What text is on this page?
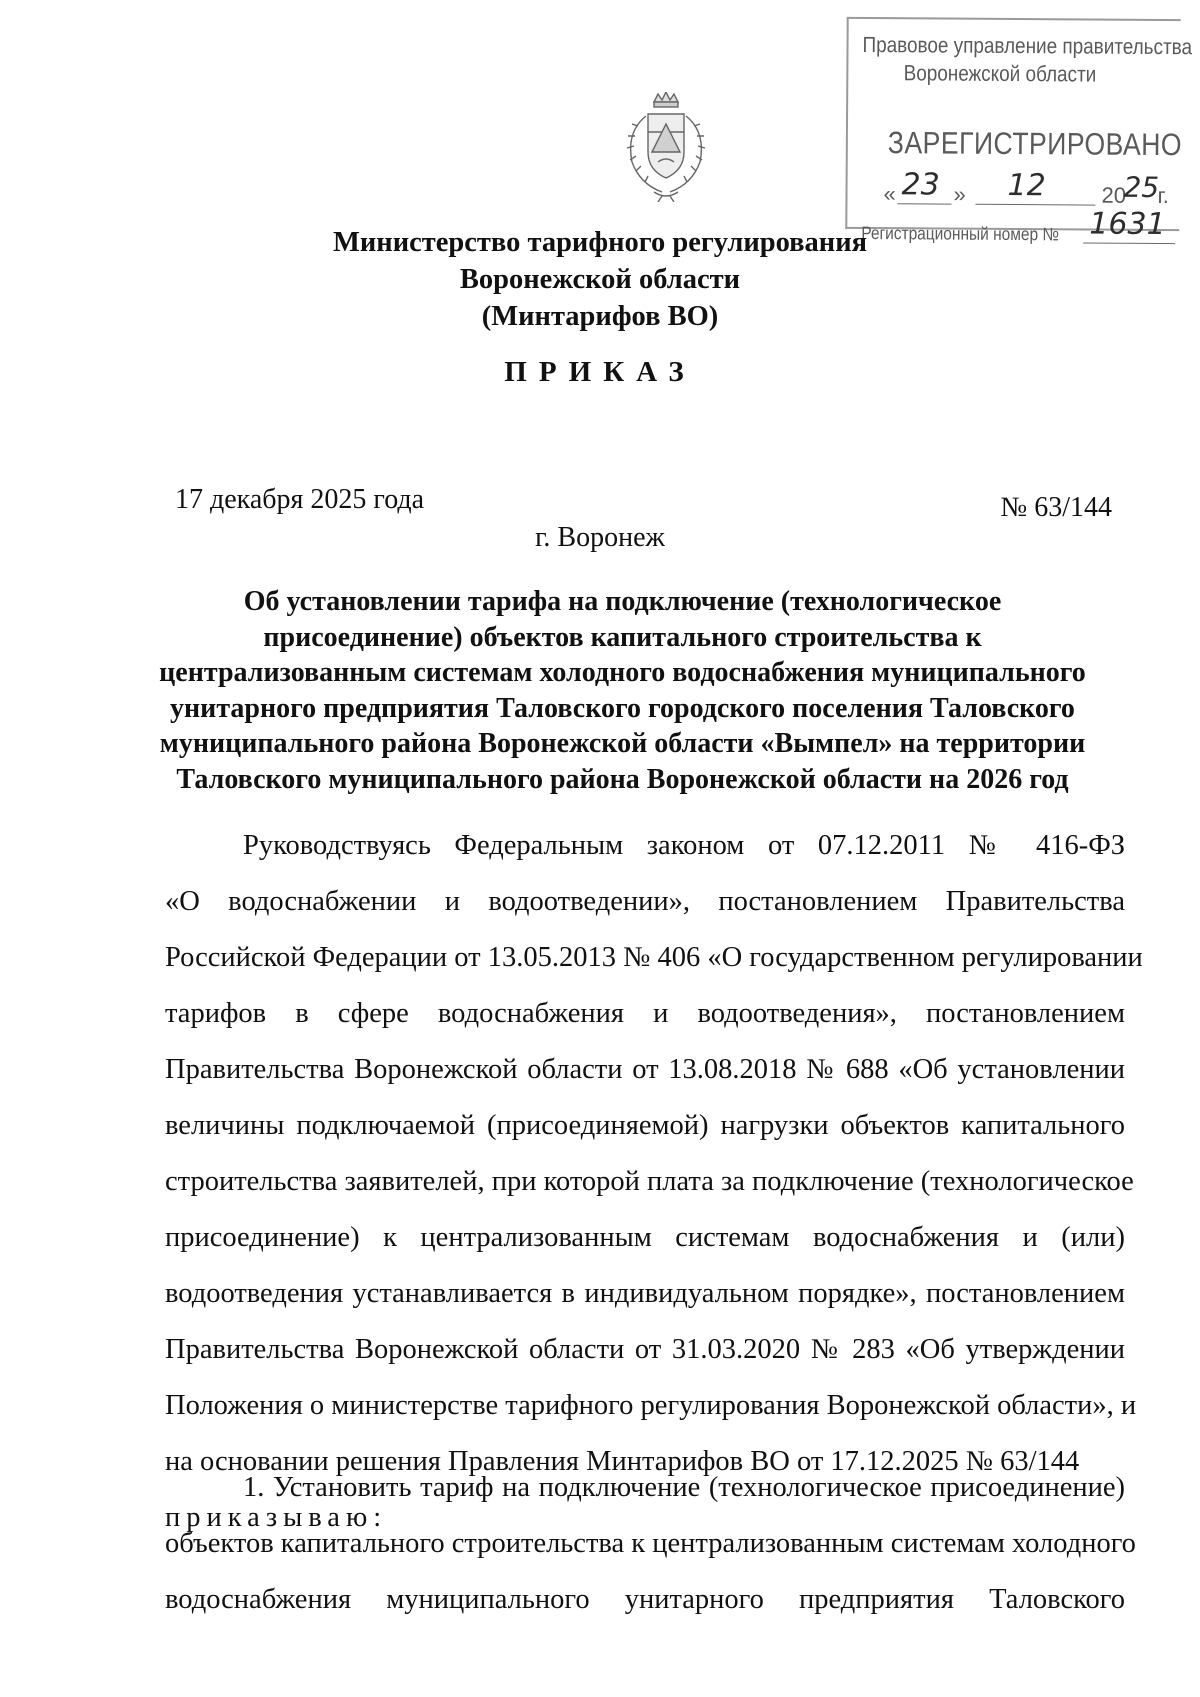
Правовое управление правительства
Воронежской области
ЗАРЕГИСТРИРОВАНО
« 23 » 12	20
25
г.
Регистрационный номер № 1631
Министерство тарифного регулирования
Воронежской области
(Минтарифов ВО)
ПРИКАЗ
17 декабря 2025 года	№ 63/144
г. Воронеж
Об установлении тарифа на подключение (технологическое
присоединение) объектов капитального строительства к
централизованным системам холодного водоснабжения муниципального
унитарного предприятия Таловского городского поселения Таловского
муниципального района Воронежской области «Вымпел» на территории
Таловского муниципального района Воронежской области на 2026 год
Руководствуясь Федеральным законом от 07.12.2011 № 416-ФЗ
«О водоснабжении и водоотведении», постановлением Правительства
Российской Федерации от 13.05.2013 № 406 «О государственном регулировании
тарифов в сфере водоснабжения и водоотведения», постановлением
Правительства Воронежской области от 13.08.2018 № 688 «Об установлении
величины подключаемой (присоединяемой) нагрузки объектов капитального
строительства заявителей, при которой плата за подключение (технологическое
присоединение) к централизованным системам водоснабжения и (или)
водоотведения устанавливается в индивидуальном порядке», постановлением
Правительства Воронежской области от 31.03.2020 № 283 «Об утверждении
Положения о министерстве тарифного регулирования Воронежской области», и
на основании решения Правления Минтарифов ВО от 17.12.2025 № 63/144
приказываю:
1. Установить тариф на подключение (технологическое присоединение)
объектов капитального строительства к централизованным системам холодного
водоснабжения муниципального унитарного предприятия Таловского
